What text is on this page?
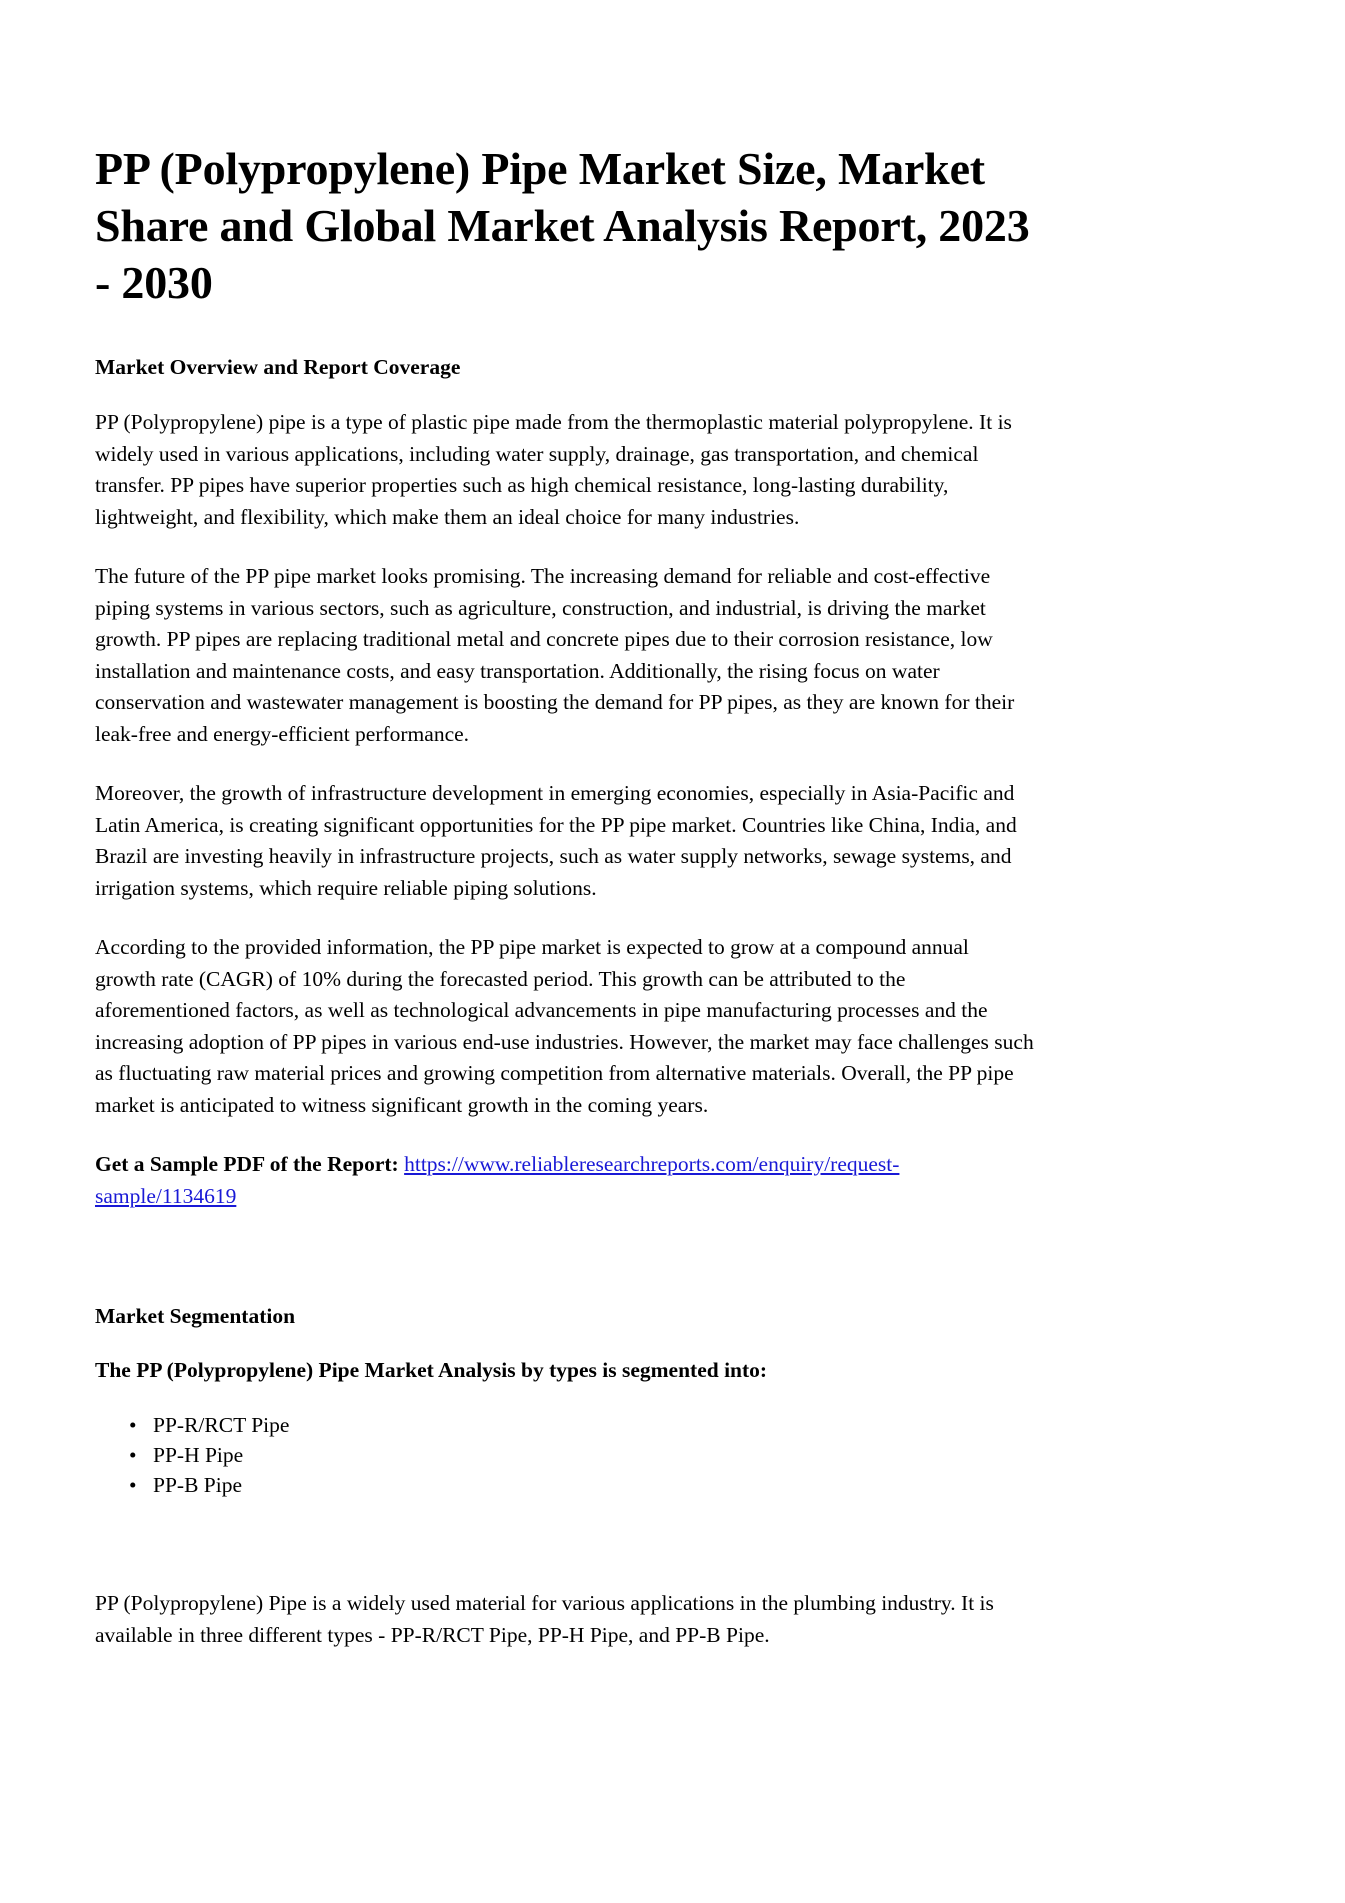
PP (Polypropylene) Pipe Market Size, Market Share and Global Market Analysis Report, 2023 - 2030
Market Overview and Report Coverage

PP (Polypropylene) pipe is a type of plastic pipe made from the thermoplastic material polypropylene. It is widely used in various applications, including water supply, drainage, gas transportation, and chemical transfer. PP pipes have superior properties such as high chemical resistance, long-lasting durability, lightweight, and flexibility, which make them an ideal choice for many industries.

The future of the PP pipe market looks promising. The increasing demand for reliable and cost-effective piping systems in various sectors, such as agriculture, construction, and industrial, is driving the market growth. PP pipes are replacing traditional metal and concrete pipes due to their corrosion resistance, low installation and maintenance costs, and easy transportation. Additionally, the rising focus on water conservation and wastewater management is boosting the demand for PP pipes, as they are known for their leak-free and energy-efficient performance.

Moreover, the growth of infrastructure development in emerging economies, especially in Asia-Pacific and Latin America, is creating significant opportunities for the PP pipe market. Countries like China, India, and Brazil are investing heavily in infrastructure projects, such as water supply networks, sewage systems, and irrigation systems, which require reliable piping solutions.

According to the provided information, the PP pipe market is expected to grow at a compound annual growth rate (CAGR) of 10% during the forecasted period. This growth can be attributed to the aforementioned factors, as well as technological advancements in pipe manufacturing processes and the increasing adoption of PP pipes in various end-use industries. However, the market may face challenges such as fluctuating raw material prices and growing competition from alternative materials. Overall, the PP pipe market is anticipated to witness significant growth in the coming years.

Get a Sample PDF of the Report: https://www.reliableresearchreports.com/enquiry/request-sample/1134619

Market Segmentation
The PP (Polypropylene) Pipe Market Analysis by types is segmented into:
• PP-R/RCT Pipe
• PP-H Pipe
• PP-B Pipe

PP (Polypropylene) Pipe is a widely used material for various applications in the plumbing industry. It is available in three different types - PP-R/RCT Pipe, PP-H Pipe, and PP-B Pipe.
